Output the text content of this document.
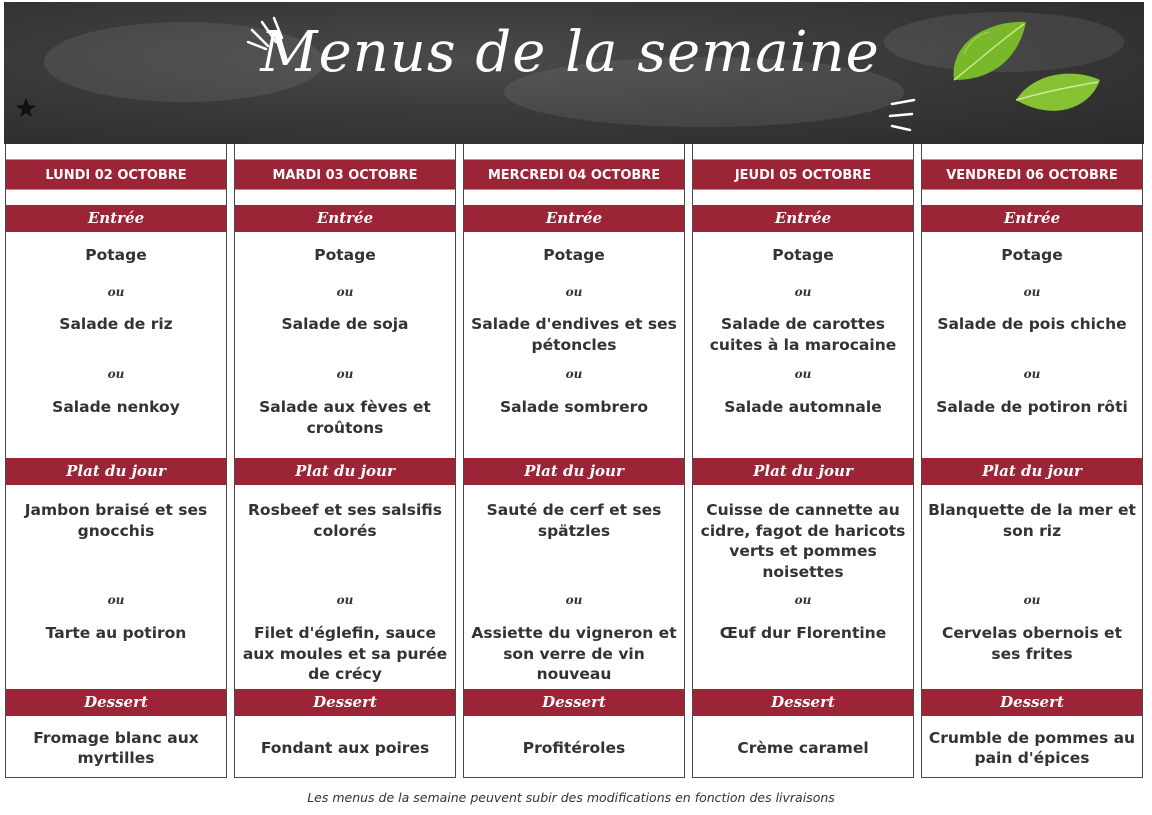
Menus de la semaine
LUNDI 02 OCTOBRE
Entrée
Potage
Salade de riz
Salade nenkoy
ou
ou
Plat du jour
Jambon braisé et ses gnocchis
Tarte au potiron
ou
Dessert
Fromage blanc aux myrtilles
MARDI 03 OCTOBRE
Entrée
Potage
Salade de soja
Salade aux fèves et croûtons
ou
ou
Plat du jour
Rosbeef et ses salsifis colorés
Filet d'églefin, sauce aux moules et sa purée de crécy
ou
Dessert
Fondant aux poires
MERCREDI 04 OCTOBRE
Entrée
Potage
Salade d'endives et ses pétoncles
Salade sombrero
ou
ou
Plat du jour
Sauté de cerf et ses spätzles
Assiette du vigneron et son verre de vin nouveau
ou
Dessert
Profitéroles
JEUDI 05 OCTOBRE
Entrée
Potage
Salade de carottes cuites à la marocaine
Salade automnale
ou
ou
Plat du jour
Cuisse de cannette au cidre, fagot de haricots verts et pommes noisettes
Œuf dur Florentine
ou
Dessert
Crème caramel
VENDREDI 06 OCTOBRE
Entrée
Potage
Salade de pois chiche
Salade de potiron rôti
ou
ou
Plat du jour
Blanquette de la mer et son riz
Cervelas obernois et ses frites
ou
Dessert
Crumble de pommes au pain d'épices
Les menus de la semaine peuvent subir des modifications en fonction des livraisons
